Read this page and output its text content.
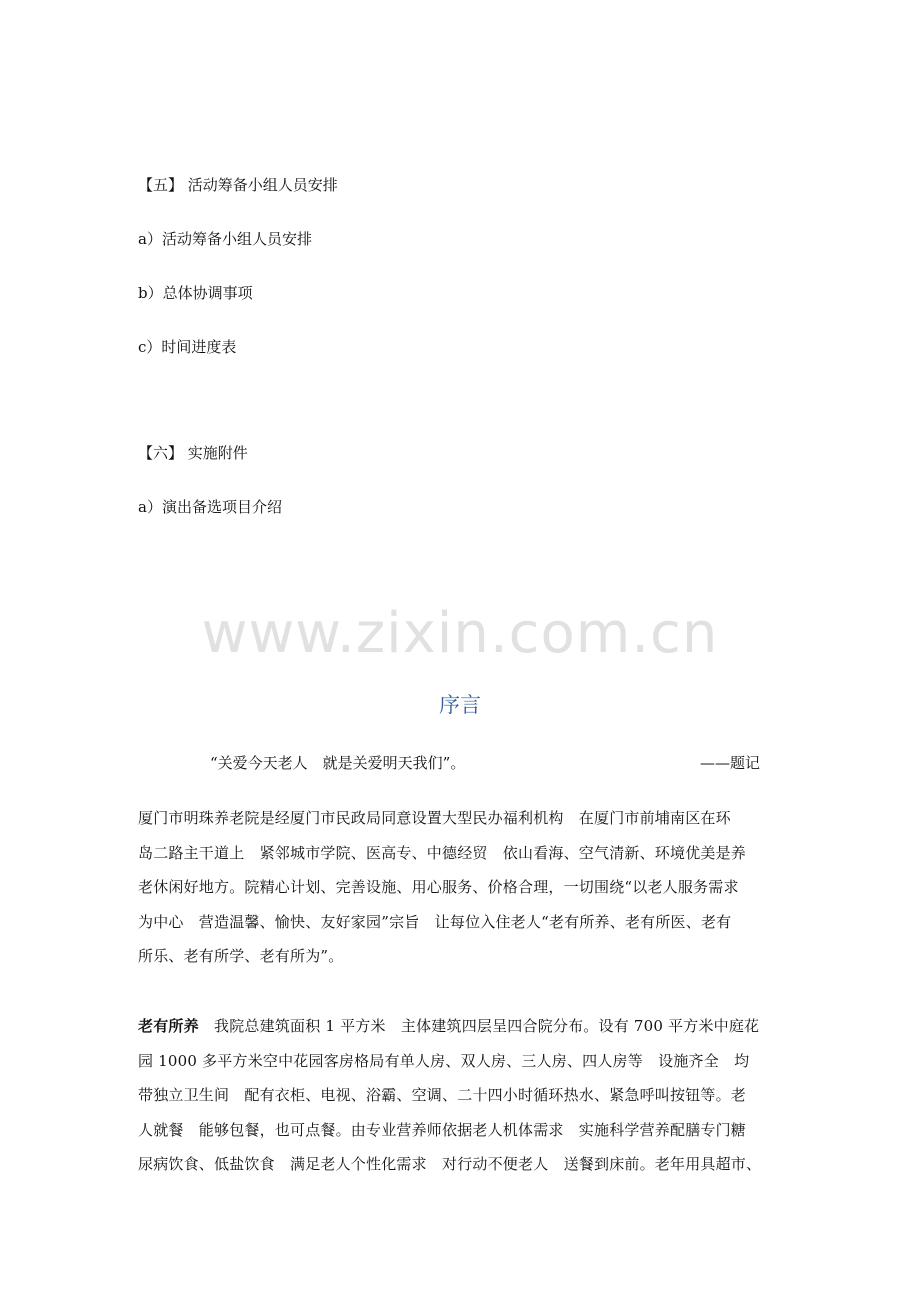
【五】 活动筹备小组人员安排
a）活动筹备小组人员安排
b）总体协调事项
c）时间进度表
【六】 实施附件
a）演出备选项目介绍
www.zixin.com.cn
序言
“关爱今天老人　就是关爱明天我们”。	——题记
厦门市明珠养老院是经厦门市民政局同意设置大型民办福利机构　在厦门市前埔南区在环
岛二路主干道上　紧邻城市学院、医高专、中德经贸　依山看海、空气清新、环境优美是养
老休闲好地方。院精心计划、完善设施、用心服务、价格合理，一切围绕“以老人服务需求
为中心　营造温馨、愉快、友好家园”宗旨　让每位入住老人“老有所养、老有所医、老有
所乐、老有所学、老有所为”。
老有所养　我院总建筑面积 1 平方米　主体建筑四层呈四合院分布。设有 700 平方米中庭花
园 1000 多平方米空中花园客房格局有单人房、双人房、三人房、四人房等　设施齐全　均
带独立卫生间　配有衣柜、电视、浴霸、空调、二十四小时循环热水、紧急呼叫按钮等。老
人就餐　能够包餐，也可点餐。由专业营养师依据老人机体需求　实施科学营养配膳专门糖
尿病饮食、低盐饮食　满足老人个性化需求　对行动不便老人　送餐到床前。老年用具超市、
